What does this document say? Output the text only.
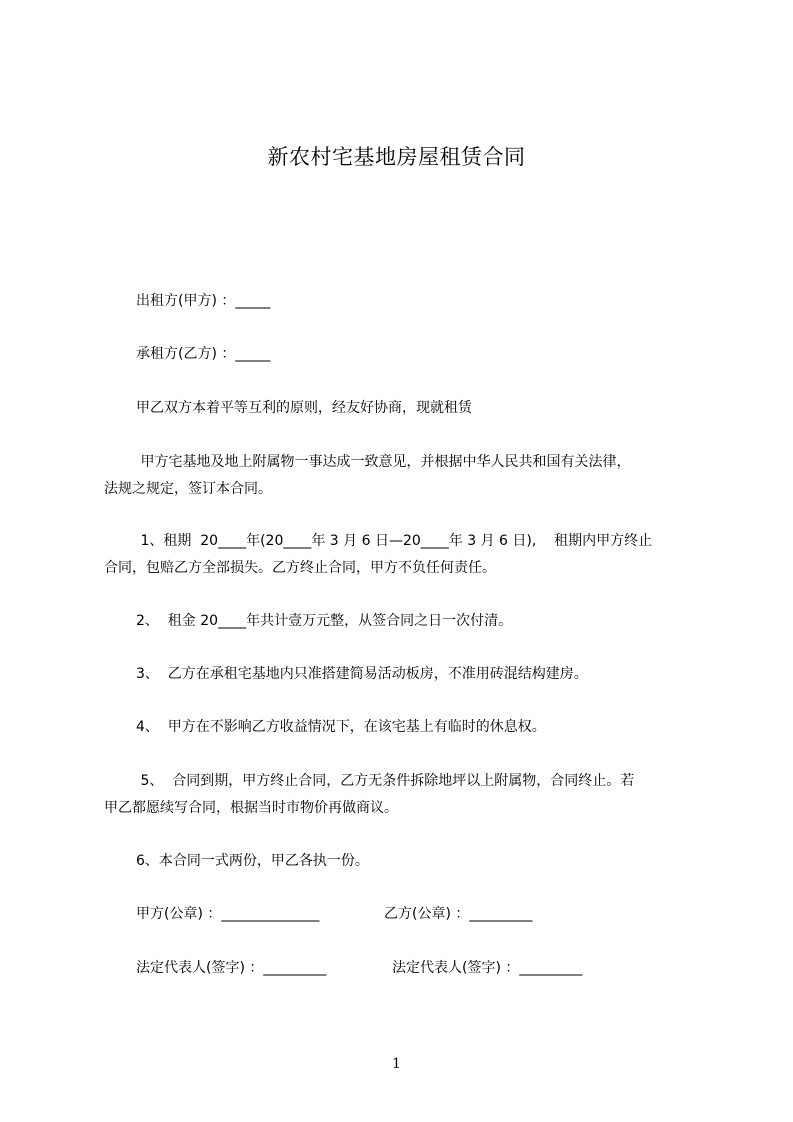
新农村宅基地房屋租赁合同
出租方(甲方) ：_____
承租方(乙方) ：_____
甲乙双方本着平等互利的原则，经友好协商，现就租赁
甲方宅基地及地上附属物一事达成一致意见，并根据中华人民共和国有关法律，
法规之规定，签订本合同。
1、租期  20____年(20____年 3 月 6 日—20____年 3 月 6 日),    租期内甲方终止
合同，包赔乙方全部损失。乙方终止合同，甲方不负任何责任。
2、  租金 20____年共计壹万元整，从签合同之日一次付清。
3、  乙方在承租宅基地内只准搭建简易活动板房，不准用砖混结构建房。
4、  甲方在不影响乙方收益情况下，在该宅基上有临时的休息权。
5、  合同到期，甲方终止合同，乙方无条件拆除地坪以上附属物，合同终止。若
甲乙都愿续写合同，根据当时市物价再做商议。
6、本合同一式两份，甲乙各执一份。
甲方(公章) ：______________	乙方(公章) ：_________
法定代表人(签字) ：_________	法定代表人(签字) ：_________
1
